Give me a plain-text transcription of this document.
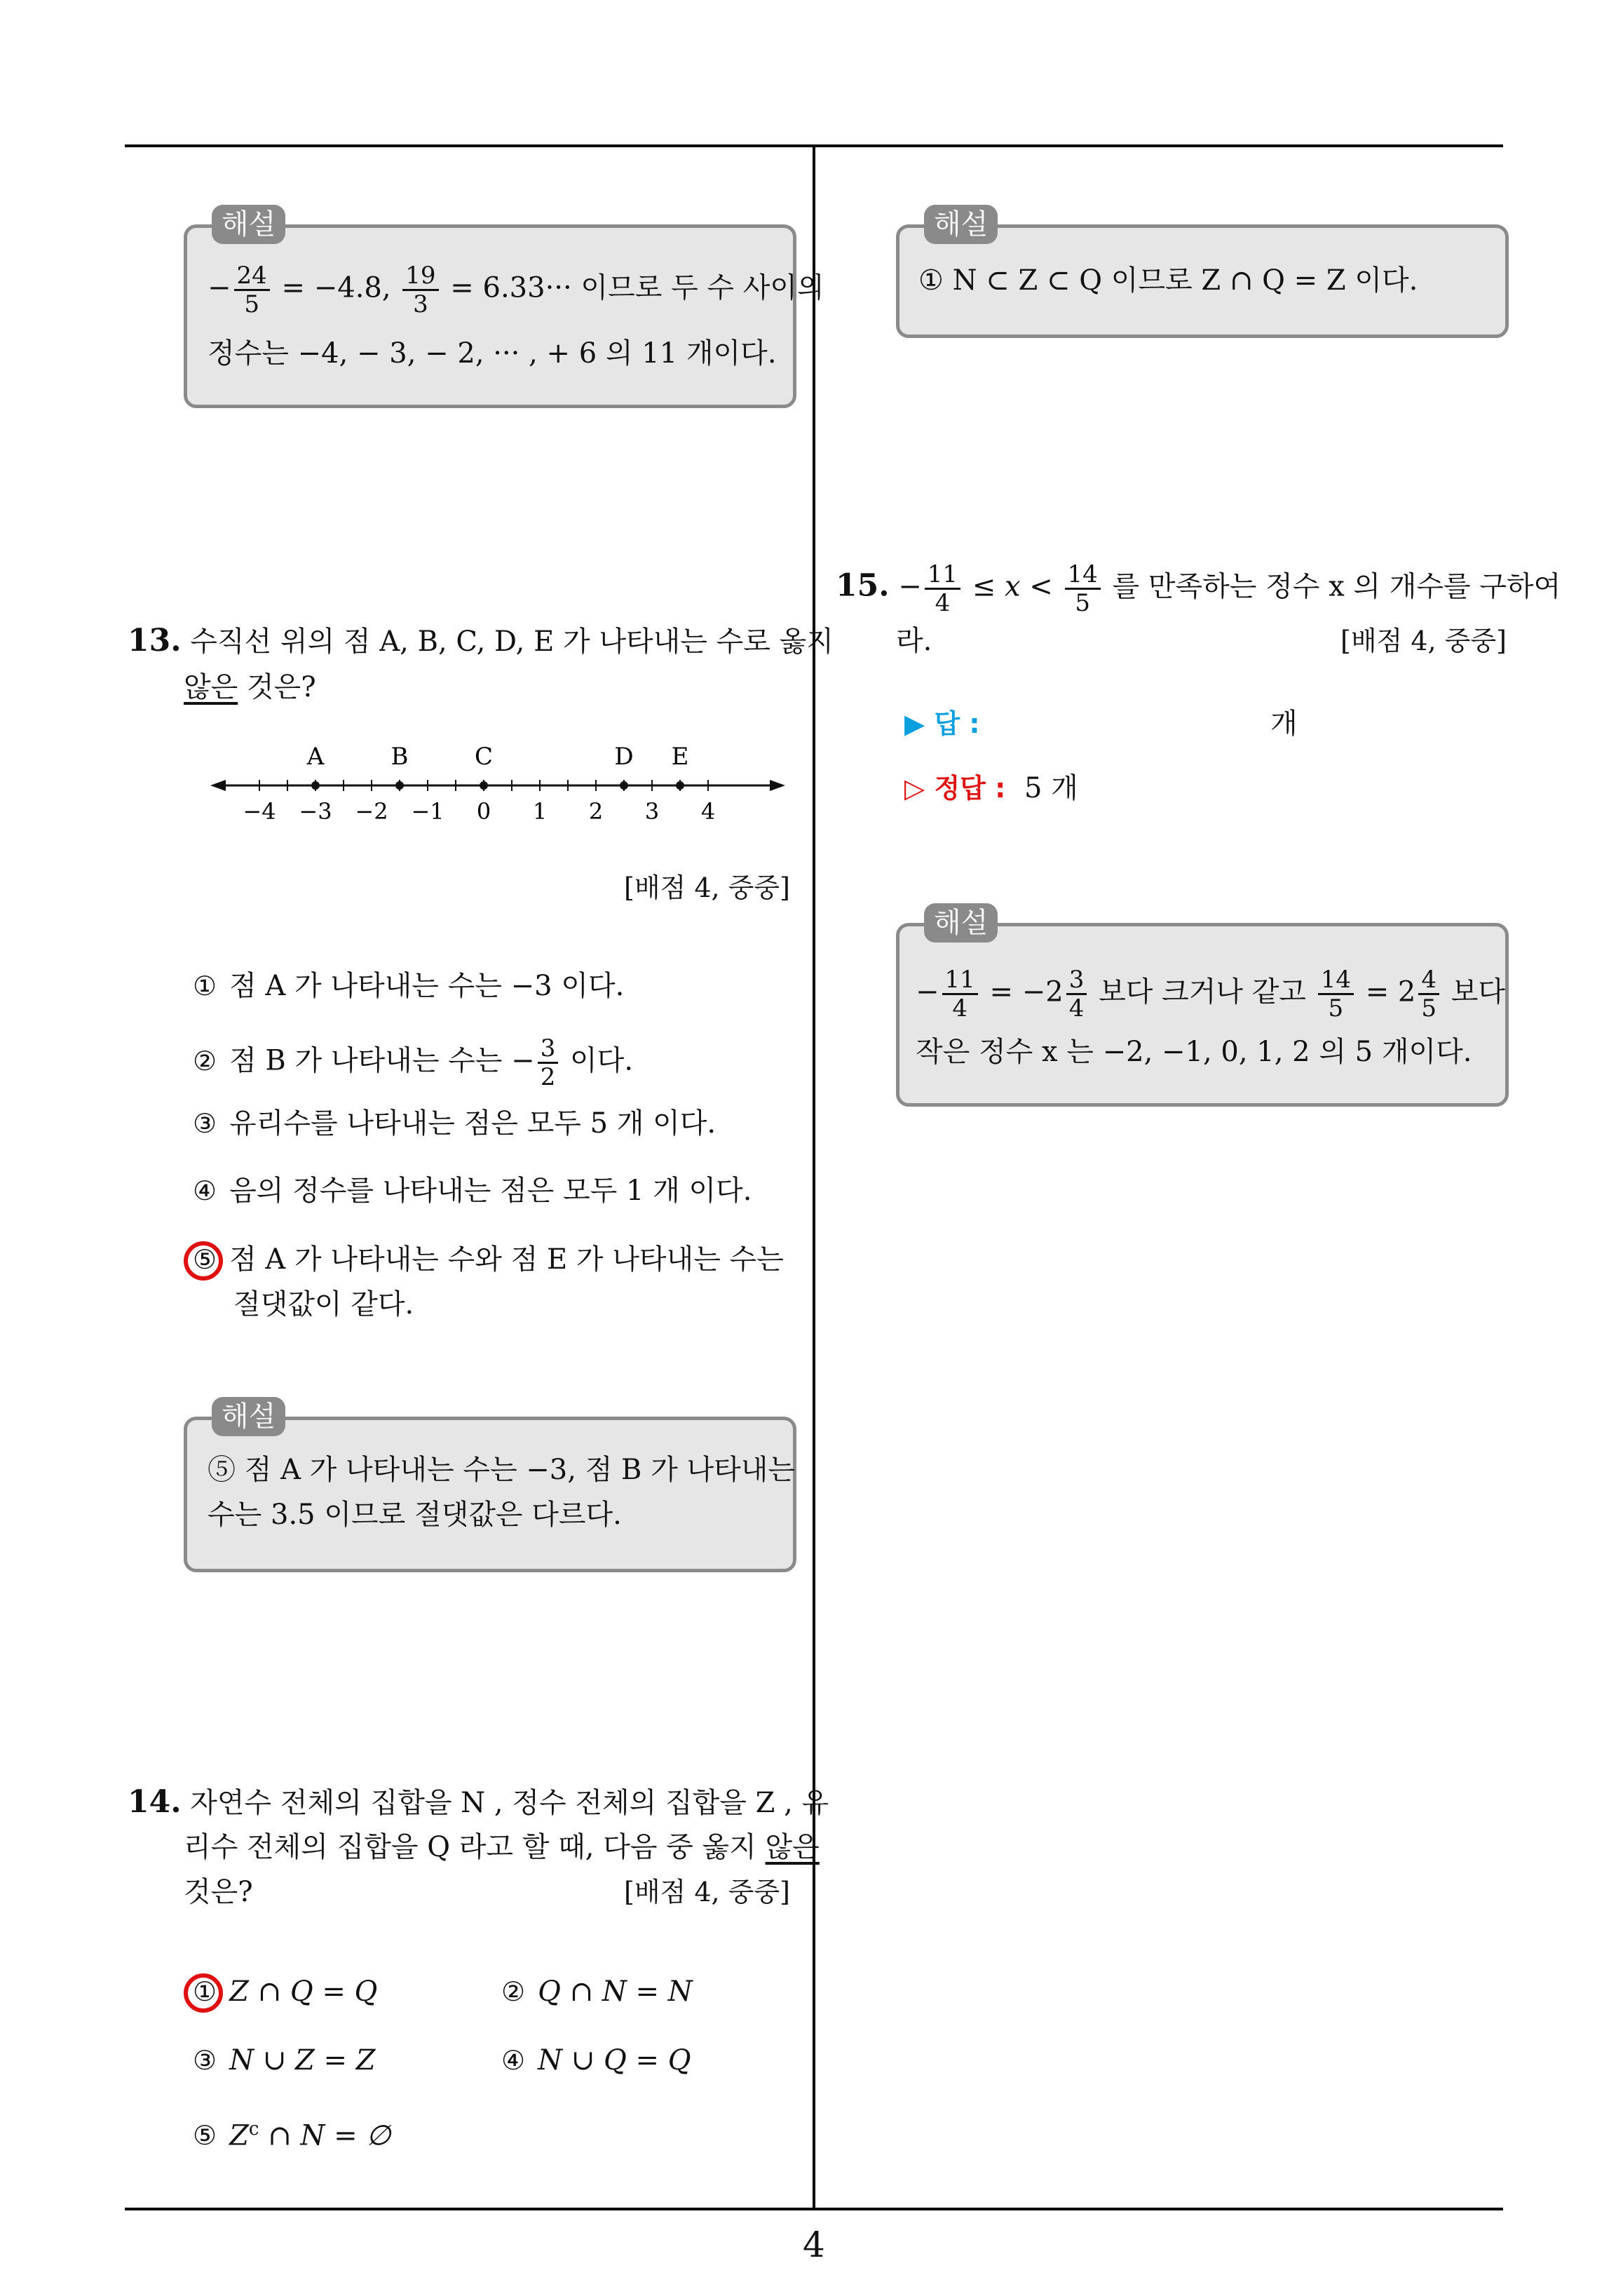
4
해설
− $\frac{24}{5} = -4.8$, $\frac{19}{3} = 6.33\cdot\cdot\cdot$ 이므로 두 수 사이의
정수는 −4, − 3, − 2, ··· , + 6 의 11 개이다.
13. 수직선 위의 점 A, B, C, D, E 가 나타내는 수로 옳지
않은 것은?
−4 −3 −2 −1 0 1 2 3 4
A	B	C	D E
[배점 4, 중중]
① 점 A 가 나타내는 수는 −3 이다.
② 점 B 가 나타내는 수는 − $\frac{3}{2}$ 이다.
③ 유리수를 나타내는 점은 모두 5 개 이다.
④ 음의 정수를 나타내는 점은 모두 1 개 이다.
⑤ 점 A 가 나타내는 수와 점 E 가 나타내는 수는
절댓값이 같다.
해설
⑤ 점 A 가 나타내는 수는 −3, 점 B 가 나타내는
수는 3.5 이므로 절댓값은 다르다.
14. 자연수 전체의 집합을 N , 정수 전체의 집합을 Z , 유
리수 전체의 집합을 Q 라고 할 때, 다음 중 옳지 않은
것은?	[배점 4, 중중]
① Z ∩ Q = Q	② Q ∩ N = N
③ N ∪ Z = Z	④ N ∪ Q = Q
⑤ $Z^c$ ∩ N = ∅
해설
① N ⊂ Z ⊂ Q 이므로 Z ∩ Q = Z 이다.
15. − $\frac{11}{4} \le x < \frac{14}{5}$ 를 만족하는 정수 x 의 개수를 구하여
라.	[배점 4, 중중]
▶ 답 :	개
▷ 정답 : 5 개
해설
− $\frac{11}{4} = -2 \frac{3}{4}$ 보다 크거나 같고 $\frac{14}{5} = 2 \frac{4}{5}$ 보다
작은 정수 x 는 −2, −1, 0, 1, 2 의 5 개이다.
